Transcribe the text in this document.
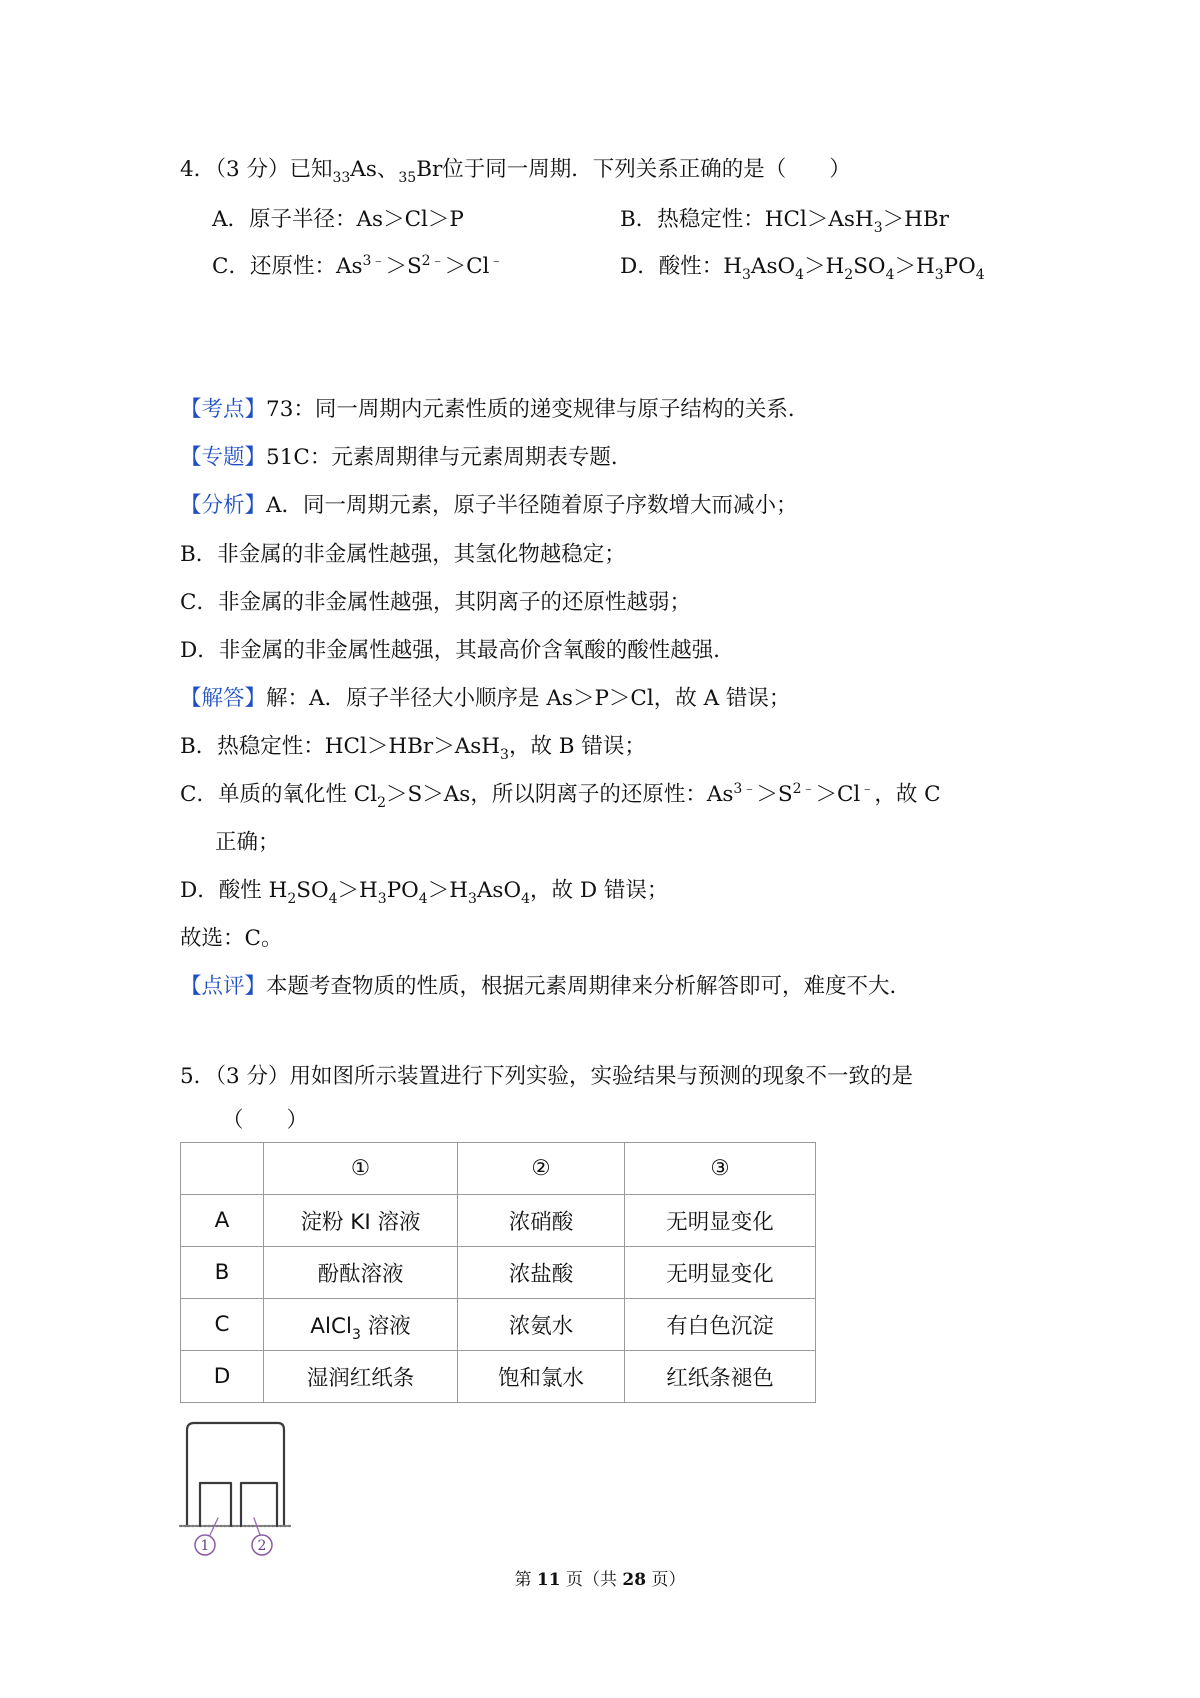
4．（3 分）已知$_{33}$As、$_{35}$Br位于同一周期．下列关系正确的是（　　）
A．原子半径：As＞Cl＞P	B．热稳定性：HCl＞AsH$_3$＞HBr
C．还原性：$As^{3﹣}>S^{2﹣}>Cl^﹣$	D．酸性：$H_3AsO_4>H_2SO_4>H_3PO_4$
【考点】73：同一周期内元素性质的递变规律与原子结构的关系．
【专题】51C：元素周期律与元素周期表专题．
【分析】A．同一周期元素，原子半径随着原子序数增大而减小；
B．非金属的非金属性越强，其氢化物越稳定；
C．非金属的非金属性越强，其阴离子的还原性越弱；
D．非金属的非金属性越强，其最高价含氧酸的酸性越强．
【解答】解：A．原子半径大小顺序是 As＞P＞Cl，故 A 错误；
B．热稳定性：HCl＞HBr＞AsH$_3$，故 B 错误；
C．单质的氧化性 $Cl_2>S>As$，所以阴离子的还原性：$As^{3﹣}>S^{2﹣}>Cl^﹣$，故 C
正确；
D．酸性 $H_2SO_4>H_3PO_4>H_3AsO_4$，故 D 错误；
故选：C。
【点评】本题考查物质的性质，根据元素周期律来分析解答即可，难度不大．
5．（3 分）用如图所示装置进行下列实验，实验结果与预测的现象不一致的是
（　　）
	①	②	③
A	淀粉 KI 溶液	浓硝酸	无明显变化
B	酚酞溶液	浓盐酸	无明显变化
C	AlCl$_3$ 溶液	浓氨水	有白色沉淀
D	湿润红纸条	饱和氯水	红纸条褪色
1	2
第 11 页（共 28 页）
